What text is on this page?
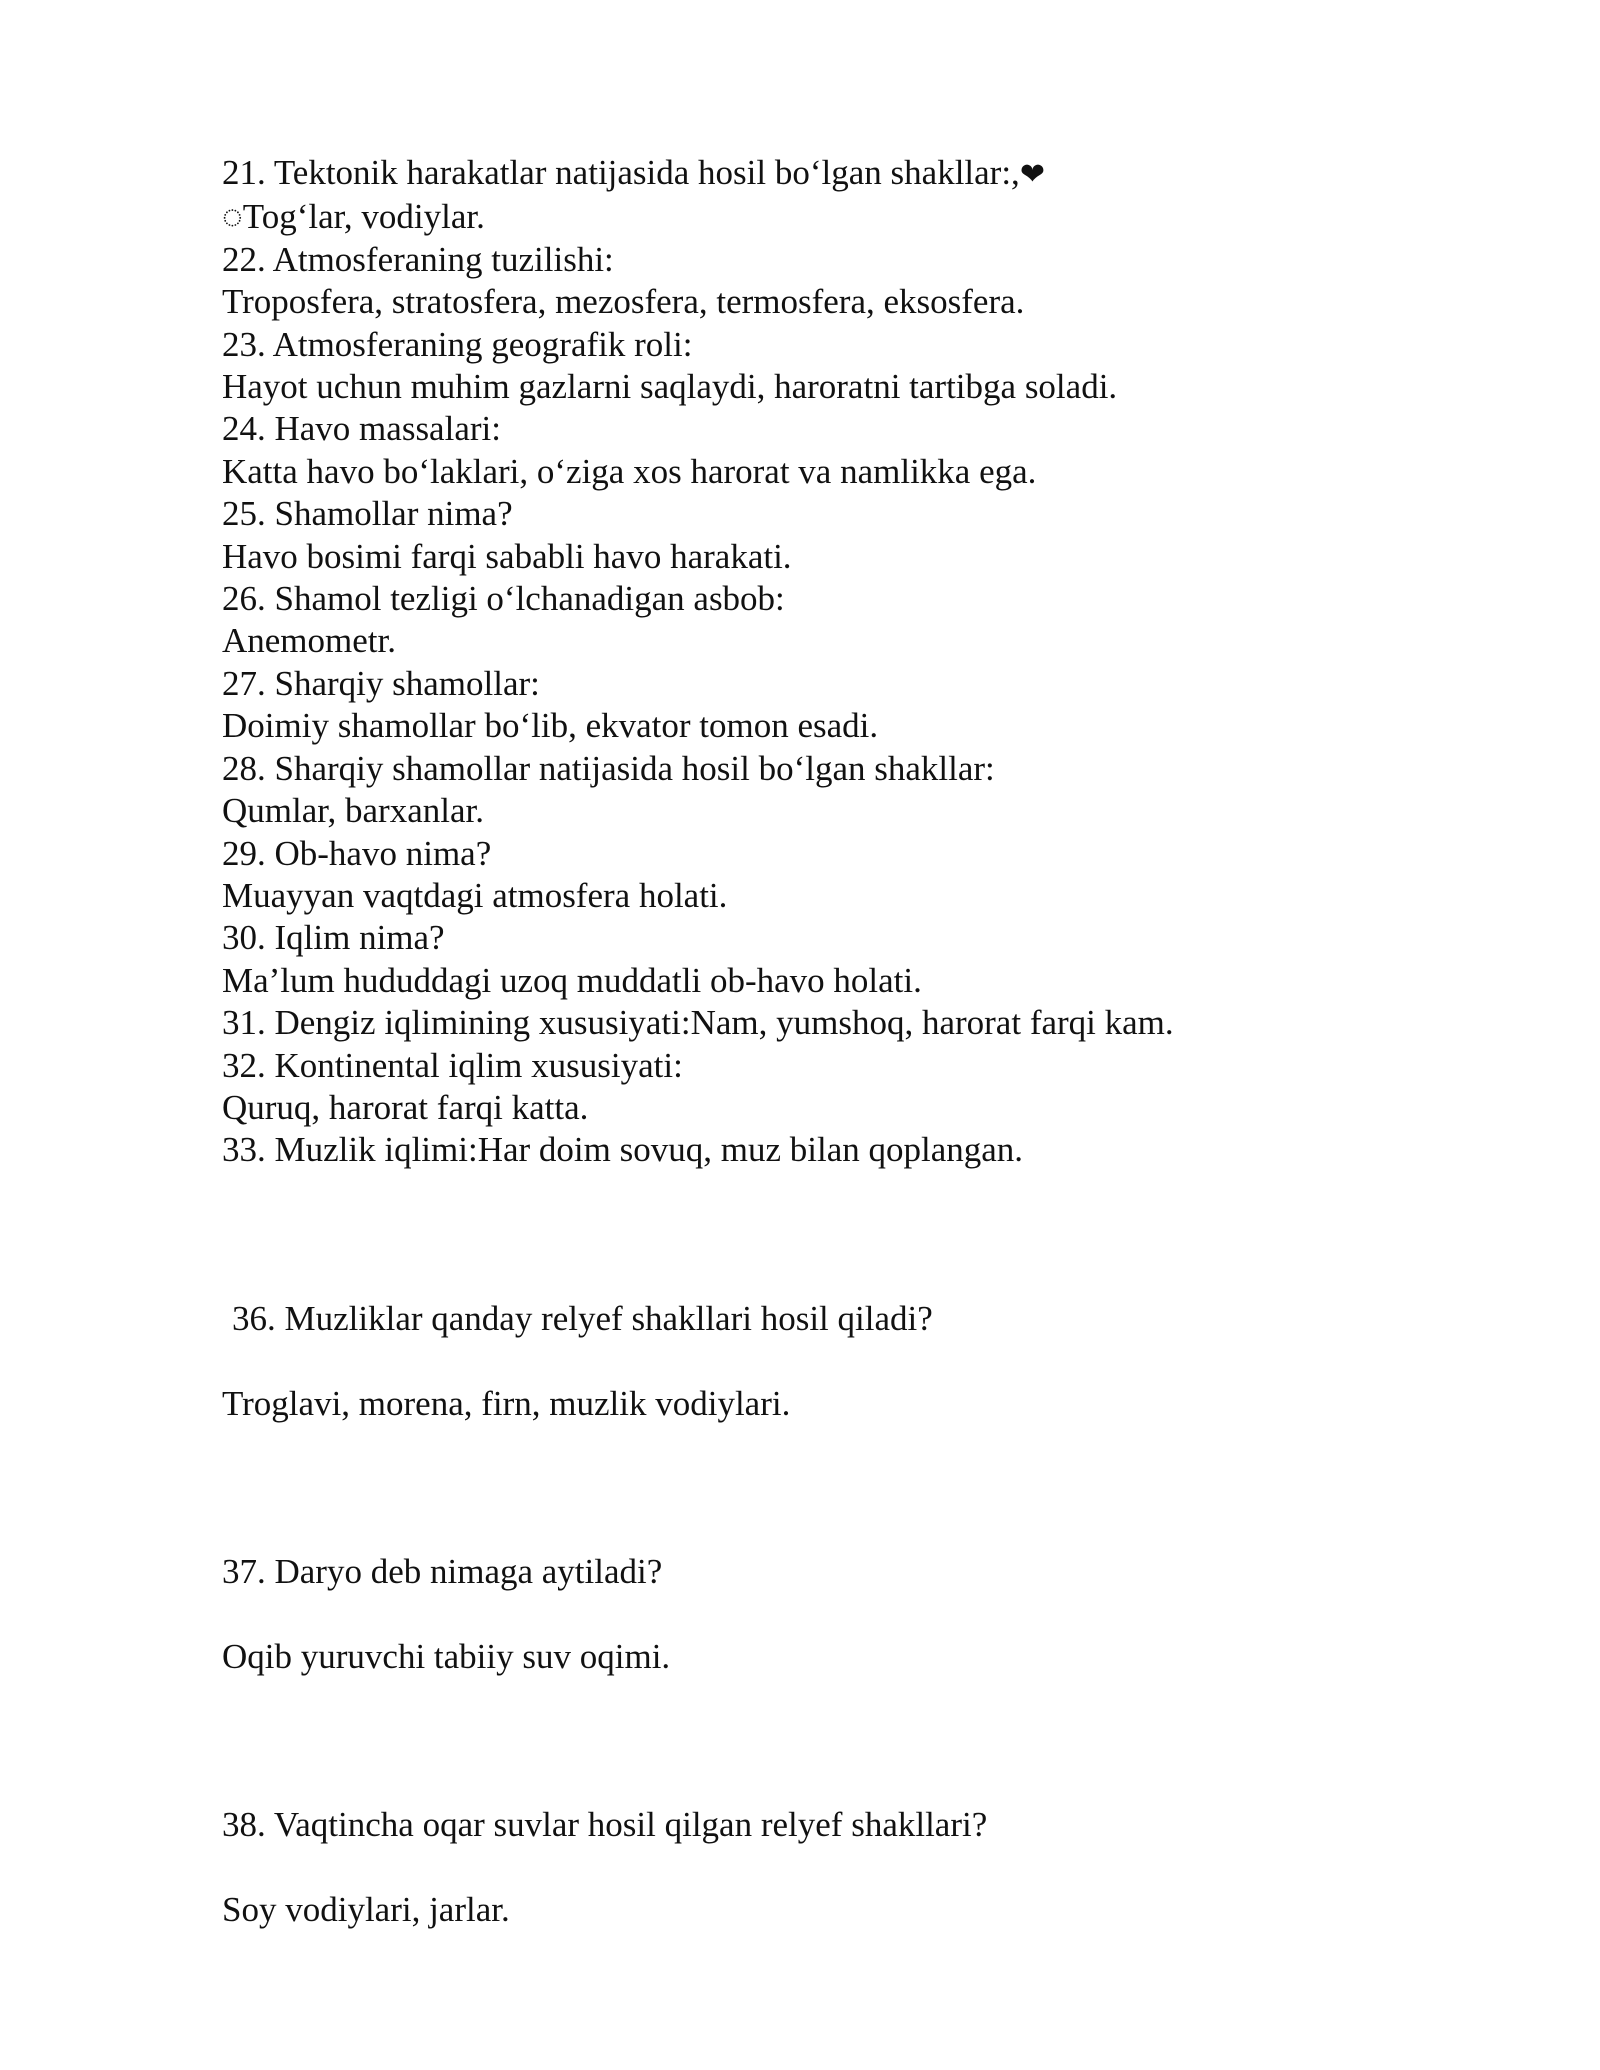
21. Tektonik harakatlar natijasida hosil bo‘lgan shakllar:,❤

◌Tog‘lar, vodiylar.

22. Atmosferaning tuzilishi:

Troposfera, stratosfera, mezosfera, termosfera, eksosfera.

23. Atmosferaning geografik roli:

Hayot uchun muhim gazlarni saqlaydi, haroratni tartibga soladi.

24. Havo massalari:

Katta havo bo‘laklari, o‘ziga xos harorat va namlikka ega.

25. Shamollar nima?

Havo bosimi farqi sababli havo harakati.

26. Shamol tezligi o‘lchanadigan asbob:

Anemometr.

27. Sharqiy shamollar:

Doimiy shamollar bo‘lib, ekvator tomon esadi.

28. Sharqiy shamollar natijasida hosil bo‘lgan shakllar:

Qumlar, barxanlar.

29. Ob-havo nima?

Muayyan vaqtdagi atmosfera holati.

30. Iqlim nima?

Ma’lum hududdagi uzoq muddatli ob-havo holati.

31. Dengiz iqlimining xususiyati:Nam, yumshoq, harorat farqi kam.

32. Kontinental iqlim xususiyati:

Quruq, harorat farqi katta.

33. Muzlik iqlimi:Har doim sovuq, muz bilan qoplangan.

36. Muzliklar qanday relyef shakllari hosil qiladi?

Troglavi, morena, firn, muzlik vodiylari.

37. Daryo deb nimaga aytiladi?

Oqib yuruvchi tabiiy suv oqimi.

38. Vaqtincha oqar suvlar hosil qilgan relyef shakllari?

Soy vodiylari, jarlar.
